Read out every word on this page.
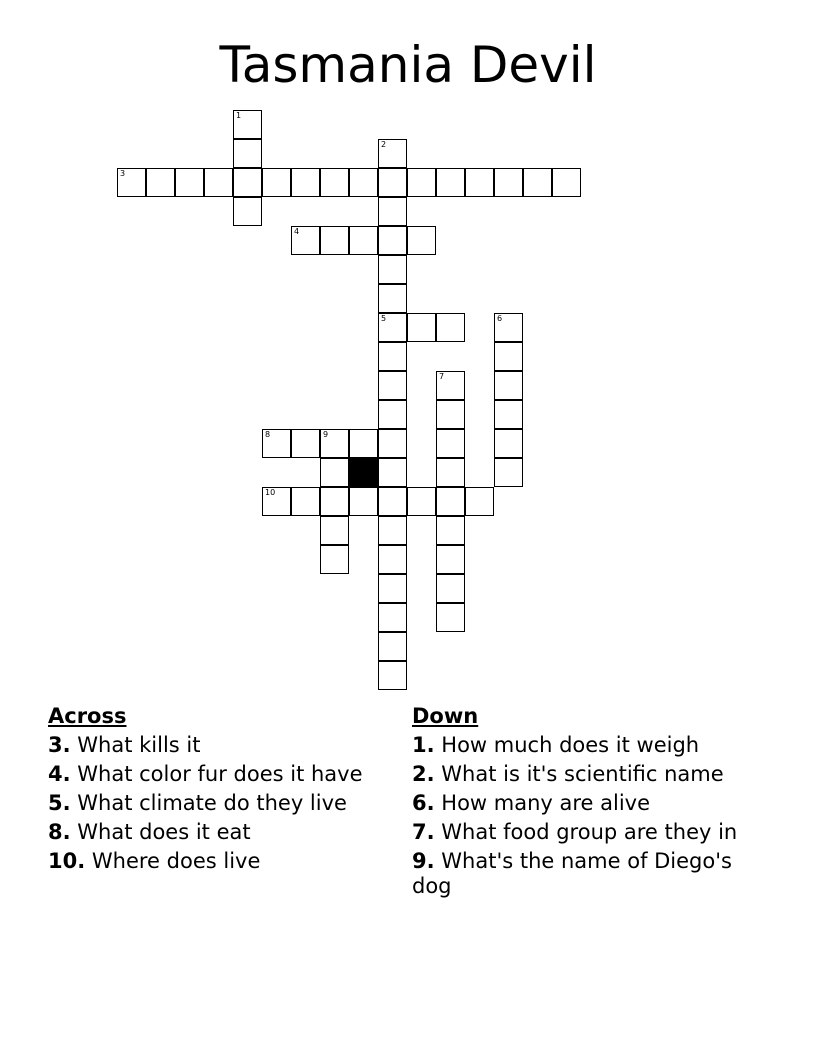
Tasmania Devil
3
4
5
8	9
10
1
2
6
7
Across
3. What kills it
4. What color fur does it have
5. What climate do they live
8. What does it eat
10. Where does live
Down
1. How much does it weigh
2. What is it's scientific name
6. How many are alive
7. What food group are they in
9. What's the name of Diego's dog
